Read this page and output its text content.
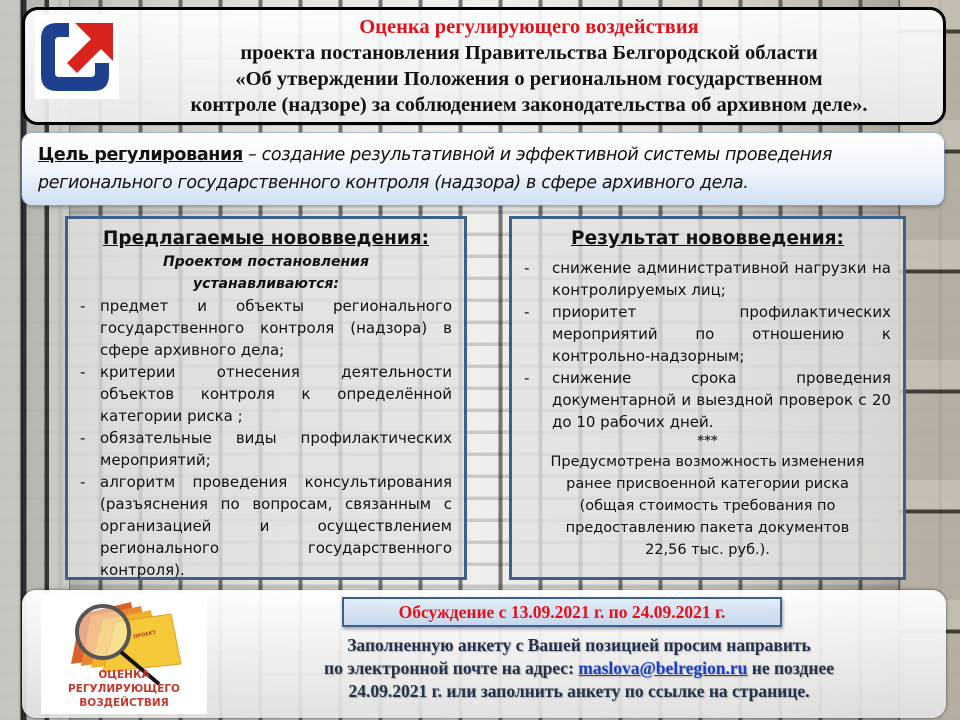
Оценка регулирующего воздействия
проекта постановления Правительства Белгородской области
«Об утверждении Положения о региональном государственном
контроле (надзоре) за соблюдением законодательства об архивном деле».
Цель регулирования – создание результативной и эффективной системы проведения регионального государственного контроля (надзора) в сфере архивного дела.
Предлагаемые нововведения:
Проектом постановления
устанавливаются:
- предмет и объекты регионального государственного контроля (надзора) в сфере архивного дела;
- критерии отнесения деятельности объектов контроля к определённой категории риска ;
- обязательные виды профилактических мероприятий;
- алгоритм проведения консультирования (разъяснения по вопросам, связанным с организацией и осуществлением регионального государственного контроля).
Результат нововведения:
- снижение административной нагрузки на контролируемых лиц;
- приоритет профилактических мероприятий по отношению к контрольно-надзорным;
- снижение срока проведения документарной и выездной проверок с 20 до 10 рабочих дней.
***
Предусмотрена возможность изменения
ранее присвоенной категории риска
(общая стоимость требования по
предоставлению пакета документов
22,56 тыс. руб.).
ПРОЕКТ
ОЦЕНКА РЕГУЛИРУЮЩЕГО
ВОЗДЕЙСТВИЯ
Обсуждение с 13.09.2021 г. по 24.09.2021 г.
Заполненную анкету с Вашей позицией просим направить
по электронной почте на адрес: maslova@belregion.ru не позднее
24.09.2021 г. или заполнить анкету по ссылке на странице.
